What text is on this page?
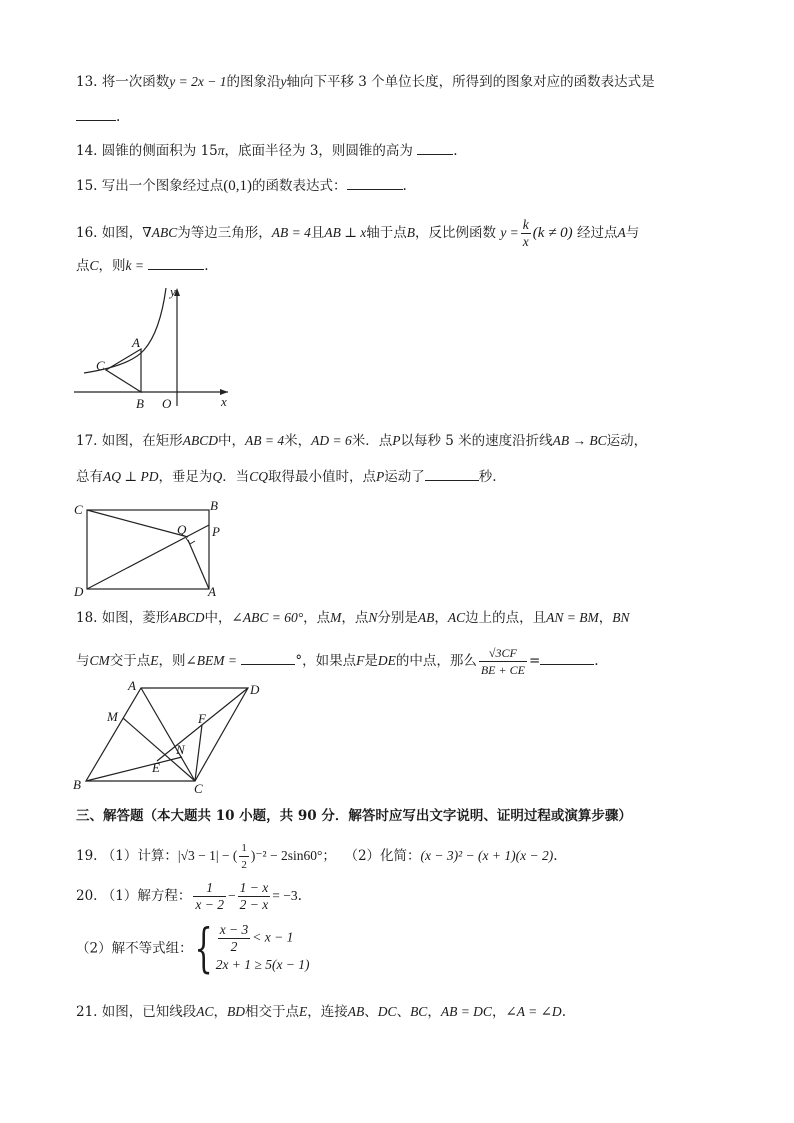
13. 将一次函数y = 2x − 1的图象沿y轴向下平移 3 个单位长度，所得到的图象对应的函数表达式是
.
14. 圆锥的侧面积为 15π，底面半径为 3，则圆锥的高为	.
15. 写出一个图象经过点(0,1)的函数表达式：	.
16. 如图，∇ABC为等边三角形，AB = 4且AB ⊥ x轴于点B，反比例函数 $y = \frac{k}{x} (k \ne 0)$ 经过点A与
点C，则k =	.
y
x
A
B
C
O
17. 如图，在矩形ABCD中，AB = 4米，AD = 6米．点P以每秒 5 米的速度沿折线AB → BC运动，
总有AQ ⊥ PD，垂足为Q．当CQ取得最小值时，点P运动了	秒.
C	B
Q P
D	A
18. 如图，菱形ABCD中，∠ABC = 60°，点M，点N分别是AB，AC边上的点，且AN = BM，BN
与CM交于点E，则∠BEM =	°，如果点F是DE的中点，那么 $\frac{√3CF}{BE + CE}$ =	.
A	D
M	F
N
E
B	C
三、解答题（本大题共 10 小题，共 90 分．解答时应写出文字说明、证明过程或演算步骤）
19. （1）计算：|√3 − 1| − ( $\frac{1}{2} )^{-2} - 2\sin 60^\circ$； （2）化简：(x − 3)² − (x + 1)(x − 2).
20. （1）解方程： $\frac{1}{x - 2} - \frac{1 - x}{2 - x} = -3$.
（2）解不等式组：{ $\frac{x - 3}{2} < x - 1$
2x + 1 ≥ 5(x − 1)
21. 如图，已知线段AC，BD相交于点E，连接AB、DC、BC，AB = DC，∠A = ∠D.
